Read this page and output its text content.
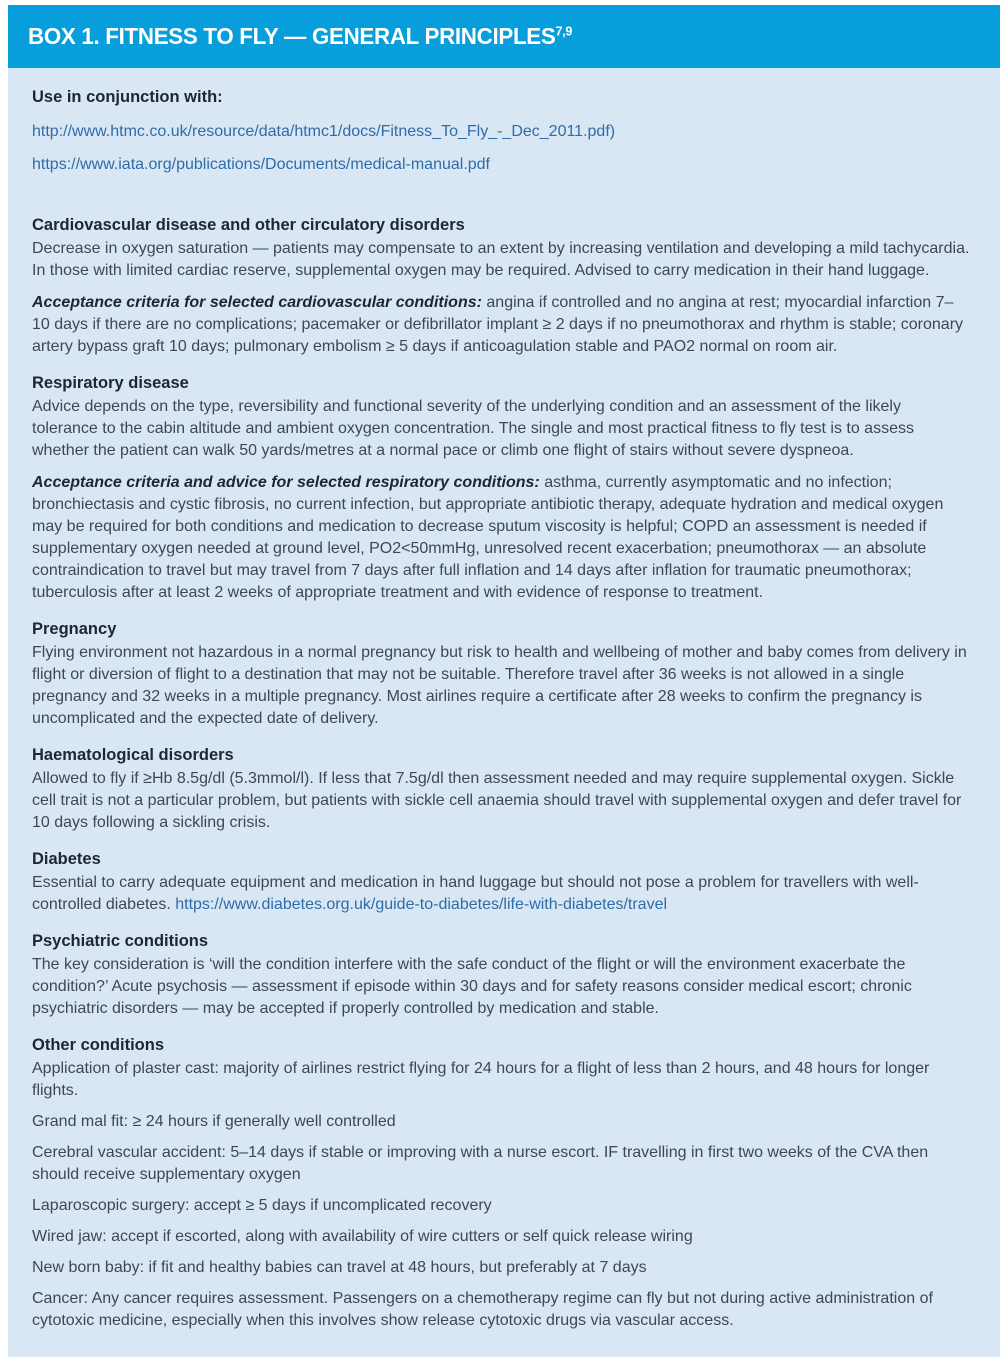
BOX 1. FITNESS TO FLY — GENERAL PRINCIPLES$^{7,9}$
Use in conjunction with:

http://www.htmc.co.uk/resource/data/htmc1/docs/Fitness_To_Fly_-_Dec_2011.pdf)

https://www.iata.org/publications/Documents/medical-manual.pdf

Cardiovascular disease and other circulatory disorders

Decrease in oxygen saturation — patients may compensate to an extent by increasing ventilation and developing a mild tachycardia. In those with limited cardiac reserve, supplemental oxygen may be required. Advised to carry medication in their hand luggage.

Acceptance criteria for selected cardiovascular conditions: angina if controlled and no angina at rest; myocardial infarction 7–10 days if there are no complications; pacemaker or defibrillator implant ≥ 2 days if no pneumothorax and rhythm is stable; coronary artery bypass graft 10 days; pulmonary embolism ≥ 5 days if anticoagulation stable and PAO2 normal on room air.

Respiratory disease

Advice depends on the type, reversibility and functional severity of the underlying condition and an assessment of the likely tolerance to the cabin altitude and ambient oxygen concentration. The single and most practical fitness to fly test is to assess whether the patient can walk 50 yards/metres at a normal pace or climb one flight of stairs without severe dyspneoa.

Acceptance criteria and advice for selected respiratory conditions: asthma, currently asymptomatic and no infection; bronchiectasis and cystic fibrosis, no current infection, but appropriate antibiotic therapy, adequate hydration and medical oxygen may be required for both conditions and medication to decrease sputum viscosity is helpful; COPD an assessment is needed if supplementary oxygen needed at ground level, PO2<50mmHg, unresolved recent exacerbation; pneumothorax — an absolute contraindication to travel but may travel from 7 days after full inflation and 14 days after inflation for traumatic pneumothorax; tuberculosis after at least 2 weeks of appropriate treatment and with evidence of response to treatment.

Pregnancy

Flying environment not hazardous in a normal pregnancy but risk to health and wellbeing of mother and baby comes from delivery in flight or diversion of flight to a destination that may not be suitable. Therefore travel after 36 weeks is not allowed in a single pregnancy and 32 weeks in a multiple pregnancy. Most airlines require a certificate after 28 weeks to confirm the pregnancy is uncomplicated and the expected date of delivery.

Haematological disorders

Allowed to fly if ≥Hb 8.5g/dl (5.3mmol/l). If less that 7.5g/dl then assessment needed and may require supplemental oxygen. Sickle cell trait is not a particular problem, but patients with sickle cell anaemia should travel with supplemental oxygen and defer travel for 10 days following a sickling crisis.

Diabetes

Essential to carry adequate equipment and medication in hand luggage but should not pose a problem for travellers with well-controlled diabetes. https://www.diabetes.org.uk/guide-to-diabetes/life-with-diabetes/travel

Psychiatric conditions

The key consideration is ‘will the condition interfere with the safe conduct of the flight or will the environment exacerbate the condition?’ Acute psychosis — assessment if episode within 30 days and for safety reasons consider medical escort; chronic psychiatric disorders — may be accepted if properly controlled by medication and stable.

Other conditions

Application of plaster cast: majority of airlines restrict flying for 24 hours for a flight of less than 2 hours, and 48 hours for longer flights.

Grand mal fit: ≥ 24 hours if generally well controlled

Cerebral vascular accident: 5–14 days if stable or improving with a nurse escort. IF travelling in first two weeks of the CVA then should receive supplementary oxygen

Laparoscopic surgery: accept ≥ 5 days if uncomplicated recovery

Wired jaw: accept if escorted, along with availability of wire cutters or self quick release wiring

New born baby: if fit and healthy babies can travel at 48 hours, but preferably at 7 days

Cancer: Any cancer requires assessment. Passengers on a chemotherapy regime can fly but not during active administration of cytotoxic medicine, especially when this involves show release cytotoxic drugs via vascular access.
